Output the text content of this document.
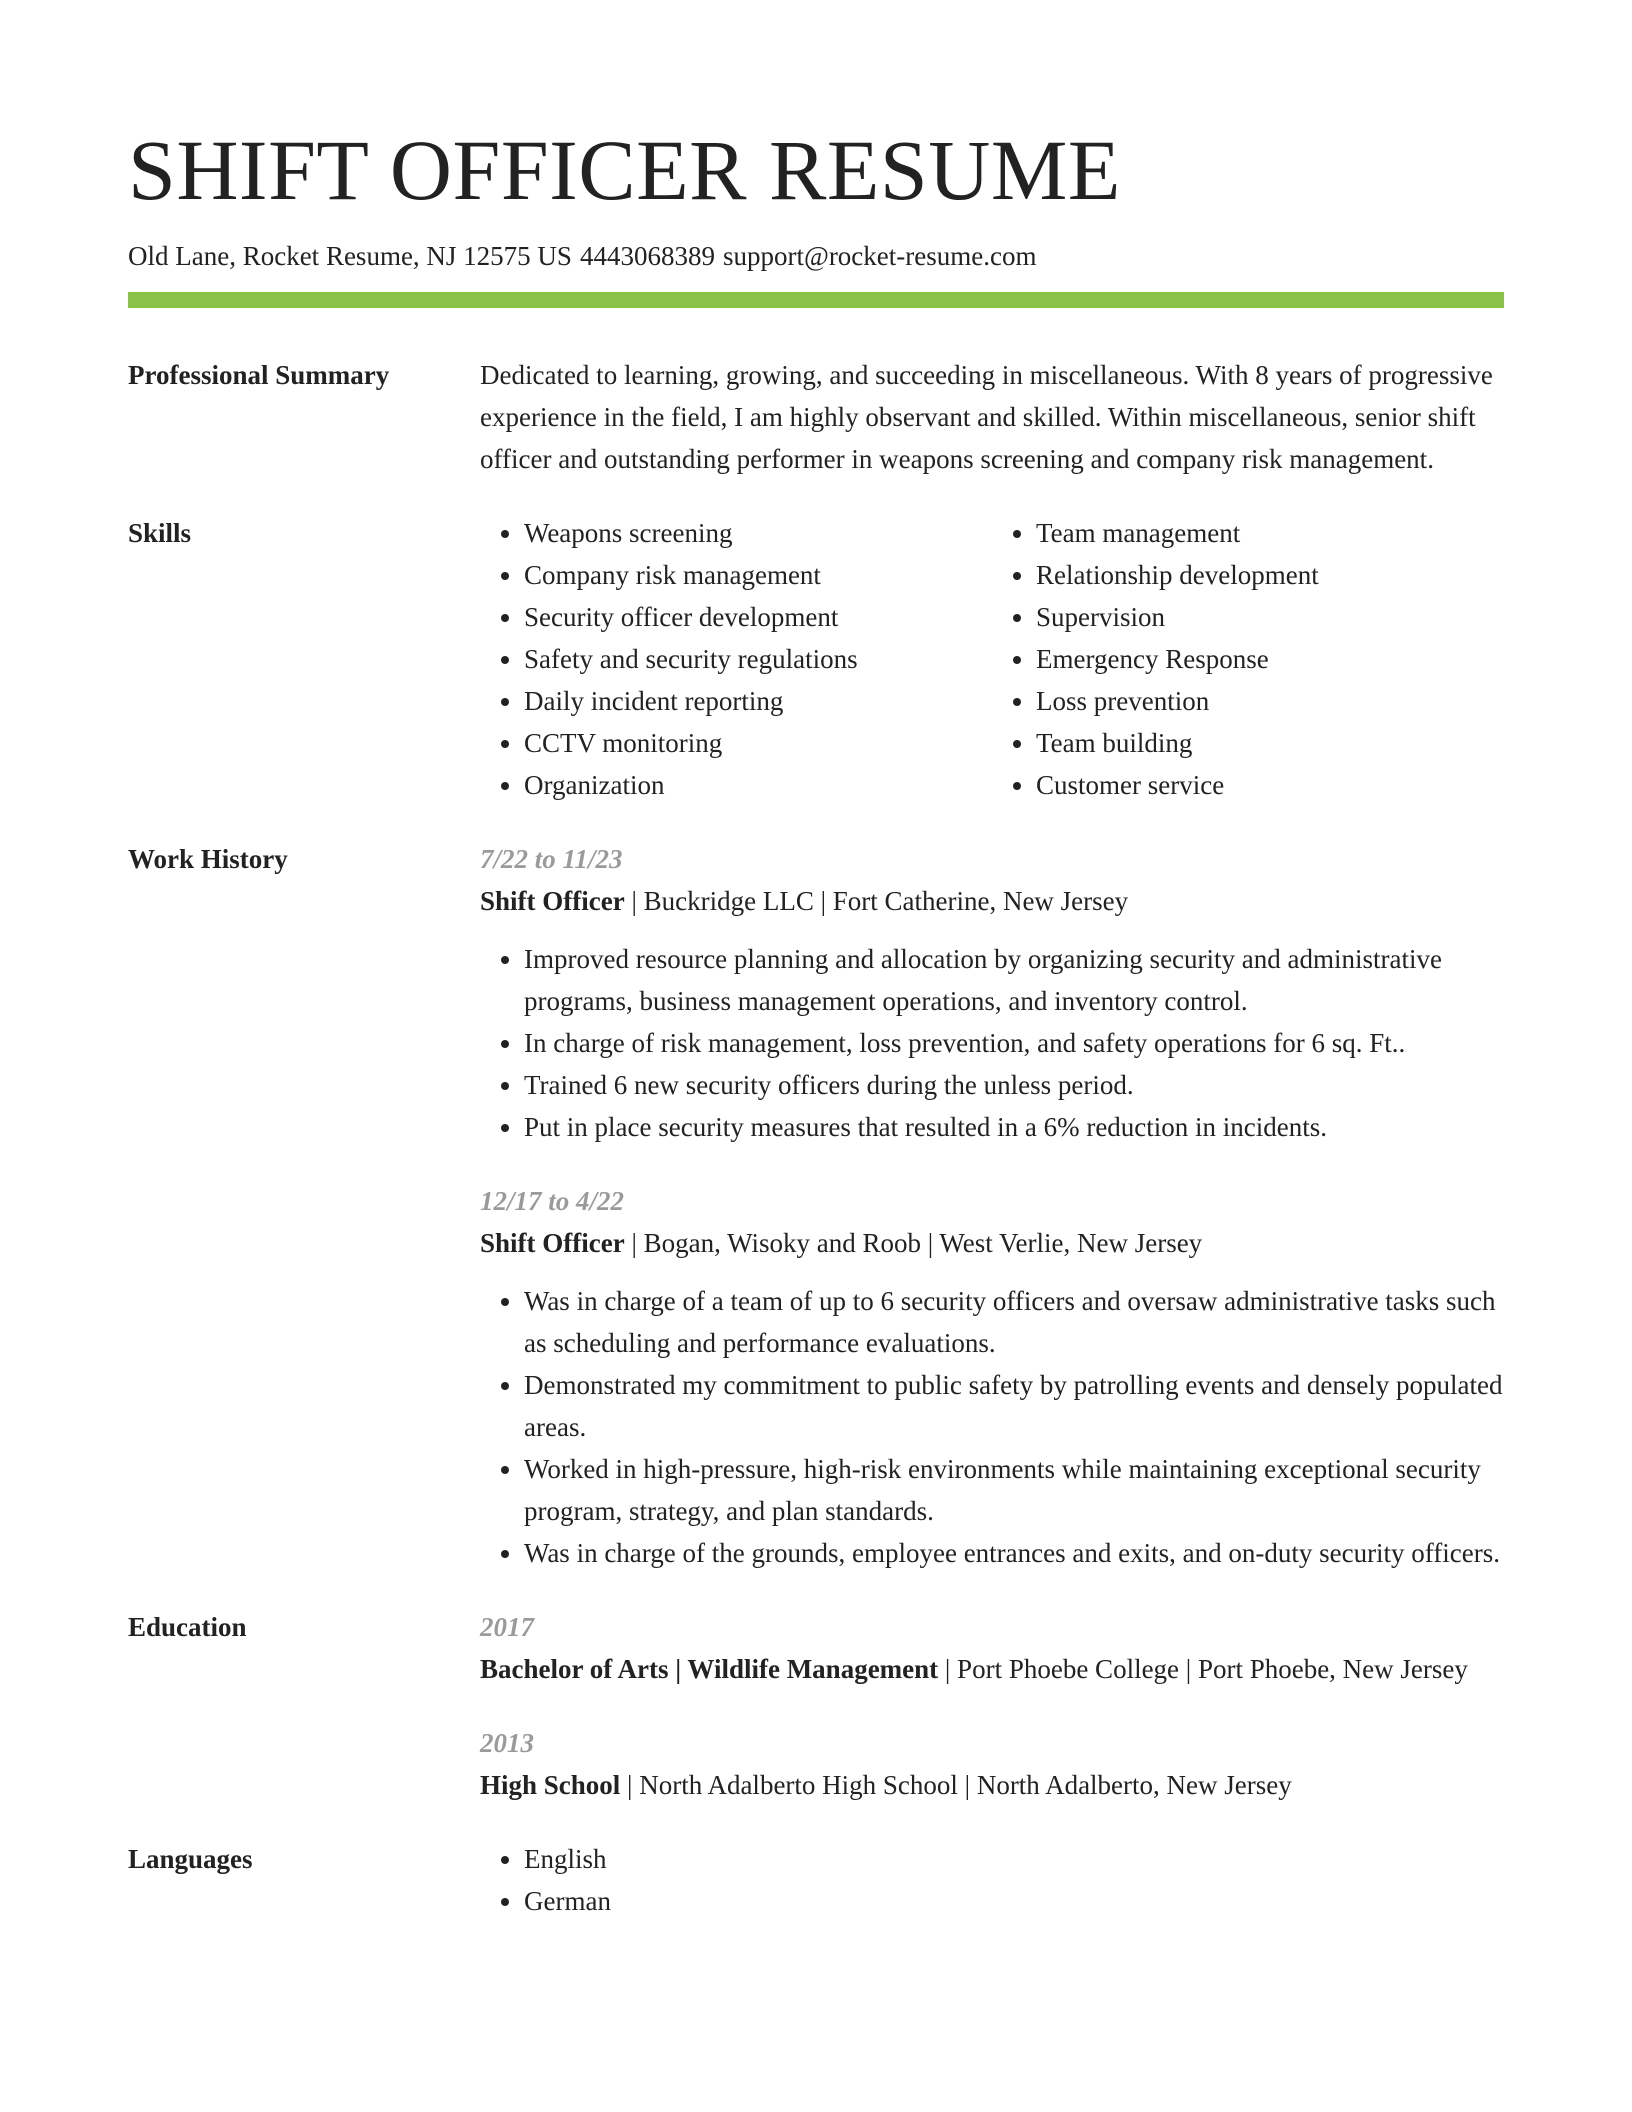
SHIFT OFFICER RESUME
Old Lane, Rocket Resume, NJ 12575 US 4443068389 support@rocket-resume.com
Professional Summary	Dedicated to learning, growing, and succeeding in miscellaneous. With 8 years of progressive experience in the field, I am highly observant and skilled. Within miscellaneous, senior shift officer and outstanding performer in weapons screening and company risk management.

Skills	• Weapons screening
• Company risk management
• Security officer development
• Safety and security regulations
• Daily incident reporting
• CCTV monitoring
• Organization
• Team management
• Relationship development
• Supervision
• Emergency Response
• Loss prevention
• Team building
• Customer service
Work History	7/22 to 11/23
Shift Officer | Buckridge LLC | Fort Catherine, New Jersey
• Improved resource planning and allocation by organizing security and administrative programs, business management operations, and inventory control.
• In charge of risk management, loss prevention, and safety operations for 6 sq. Ft..
• Trained 6 new security officers during the unless period.
• Put in place security measures that resulted in a 6% reduction in incidents.
12/17 to 4/22
Shift Officer | Bogan, Wisoky and Roob | West Verlie, New Jersey
• Was in charge of a team of up to 6 security officers and oversaw administrative tasks such as scheduling and performance evaluations.
• Demonstrated my commitment to public safety by patrolling events and densely populated areas.
• Worked in high-pressure, high-risk environments while maintaining exceptional security program, strategy, and plan standards.
• Was in charge of the grounds, employee entrances and exits, and on-duty security officers.
Education	2017
Bachelor of Arts | Wildlife Management | Port Phoebe College | Port Phoebe, New Jersey
2013
High School | North Adalberto High School | North Adalberto, New Jersey
Languages	• English
• German
